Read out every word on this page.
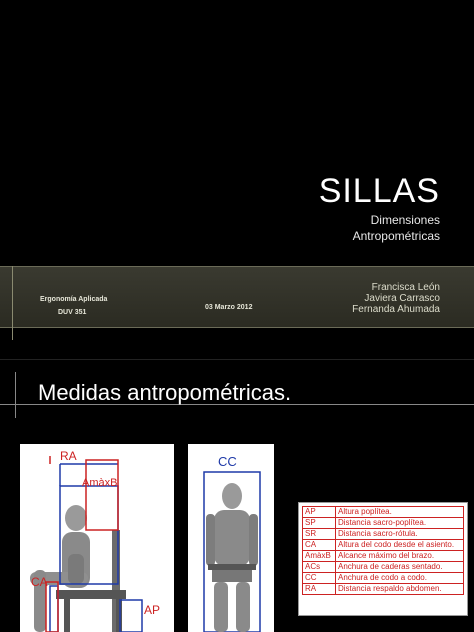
SILLAS
Dimensiones
Antropométricas
Ergonomía Aplicada
DUV 351
03 Marzo 2012
Francisca León
Javiera Carrasco
Fernanda Ahumada
Medidas antropométricas.
RA
AmàxB
CA
AP
CC
AP	Altura poplítea.
SP	Distancia sacro-poplítea.
SR	Distancia sacro-rótula.
CA	Altura del codo desde el asiento.
AmàxB	Alcance máximo del brazo.
ACs	Anchura de caderas sentado.
CC	Anchura de codo a codo.
RA	Distancia respaldo abdomen.
